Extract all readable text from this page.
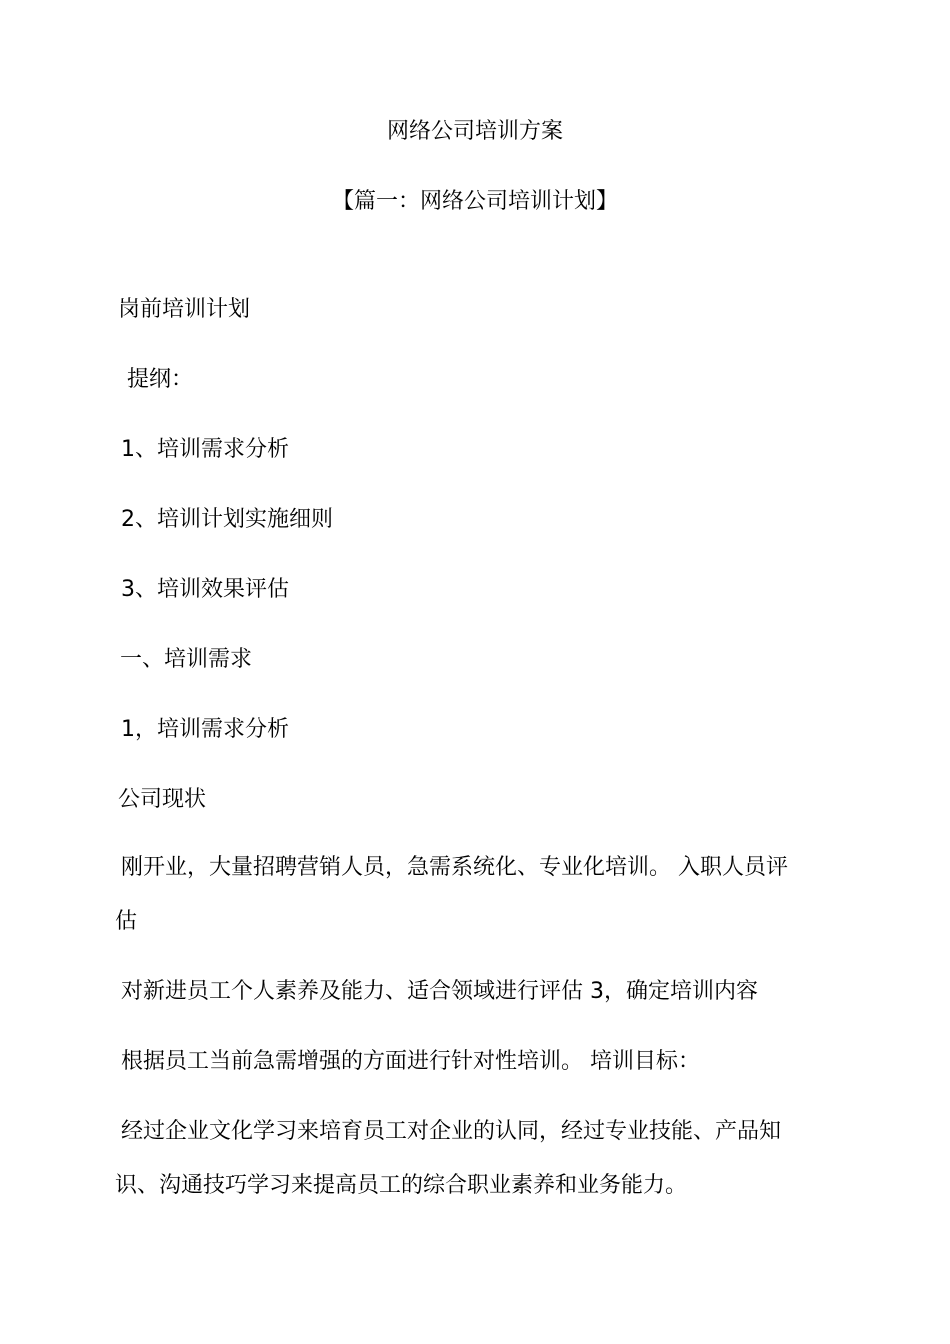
网络公司培训方案
【篇一：网络公司培训计划】

岗前培训计划

提纲：

1、培训需求分析

2、培训计划实施细则

3、培训效果评估

一、培训需求

1，培训需求分析

公司现状

刚开业，大量招聘营销人员，急需系统化、专业化培训。 入职人员评

估

对新进员工个人素养及能力、适合领域进行评估 3，确定培训内容

根据员工当前急需增强的方面进行针对性培训。 培训目标：

经过企业文化学习来培育员工对企业的认同，经过专业技能、产品知

识、沟通技巧学习来提高员工的综合职业素养和业务能力。
